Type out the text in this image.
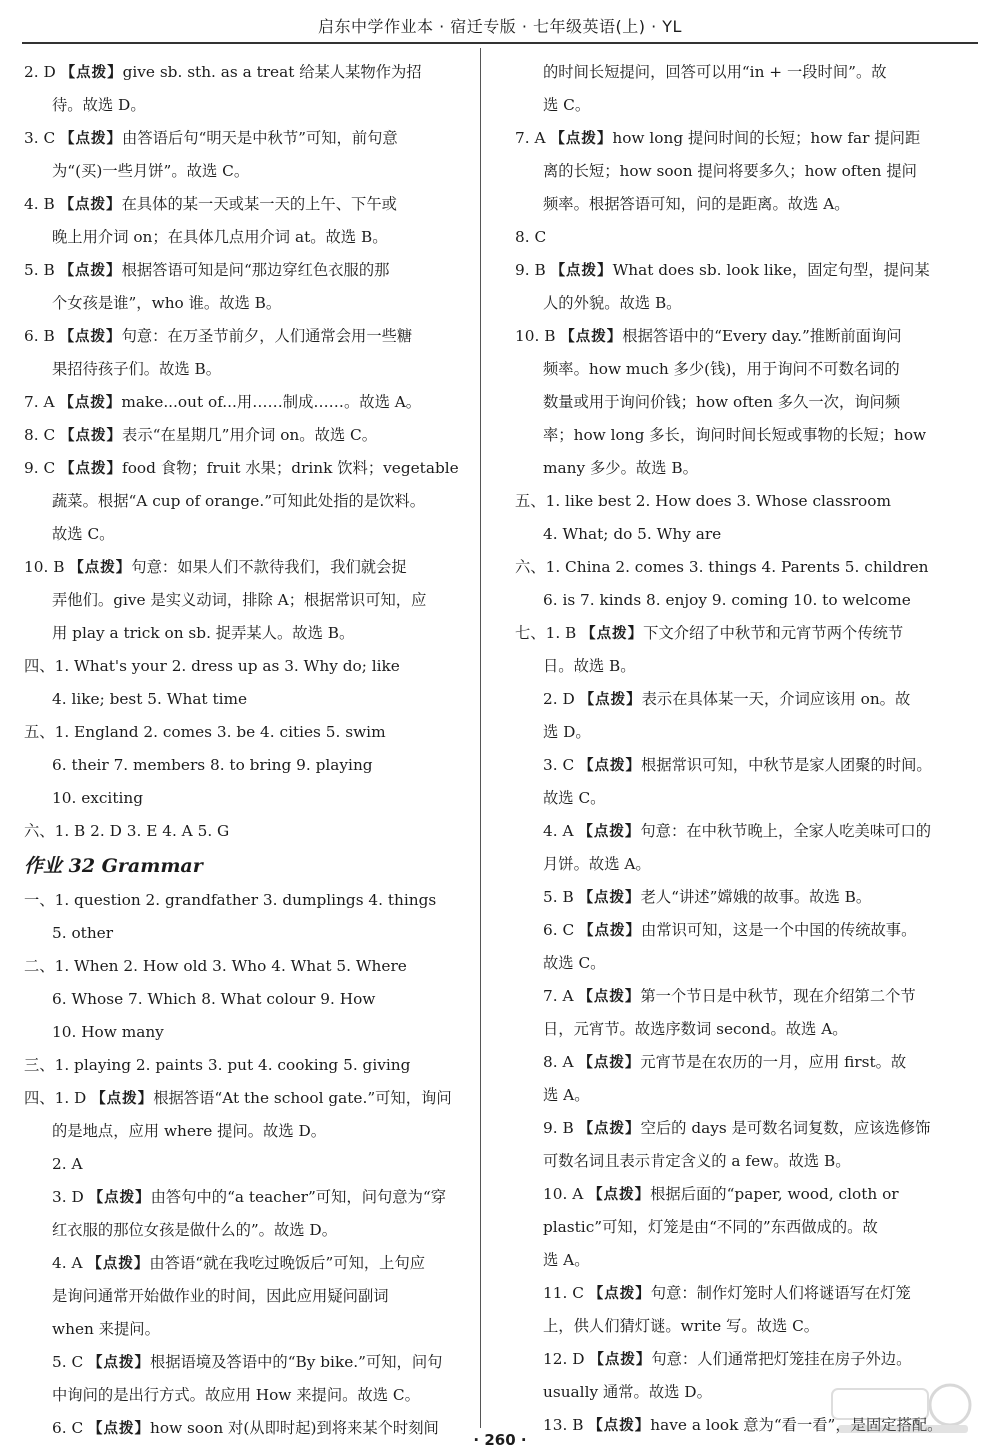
启东中学作业本 · 宿迁专版 · 七年级英语(上) · YL
2. D 【点拨】give sb. sth. as a treat 给某人某物作为招
待。故选 D。
3. C 【点拨】由答语后句“明天是中秋节”可知，前句意
为“(买)一些月饼”。故选 C。
4. B 【点拨】在具体的某一天或某一天的上午、下午或
晚上用介词 on；在具体几点用介词 at。故选 B。
5. B 【点拨】根据答语可知是问“那边穿红色衣服的那
个女孩是谁”，who 谁。故选 B。
6. B 【点拨】句意：在万圣节前夕，人们通常会用一些糖
果招待孩子们。故选 B。
7. A 【点拨】make...out of...用……制成……。故选 A。
8. C 【点拨】表示“在星期几”用介词 on。故选 C。
9. C 【点拨】food 食物；fruit 水果；drink 饮料；vegetable
蔬菜。根据“A cup of orange.”可知此处指的是饮料。
故选 C。
10. B 【点拨】句意：如果人们不款待我们，我们就会捉
弄他们。give 是实义动词，排除 A；根据常识可知，应
用 play a trick on sb. 捉弄某人。故选 B。
四、1. What's your 2. dress up as 3. Why do; like
4. like; best 5. What time
五、1. England 2. comes 3. be 4. cities 5. swim
6. their 7. members 8. to bring 9. playing
10. exciting
六、1. B 2. D 3. E 4. A 5. G
作业 32 Grammar
一、1. question 2. grandfather 3. dumplings 4. things
5. other
二、1. When 2. How old 3. Who 4. What 5. Where
6. Whose 7. Which 8. What colour 9. How
10. How many
三、1. playing 2. paints 3. put 4. cooking 5. giving
四、1. D 【点拨】根据答语“At the school gate.”可知，询问
的是地点，应用 where 提问。故选 D。
2. A
3. D 【点拨】由答句中的“a teacher”可知，问句意为“穿
红衣服的那位女孩是做什么的”。故选 D。
4. A 【点拨】由答语“就在我吃过晚饭后”可知，上句应
是询问通常开始做作业的时间，因此应用疑问副词
when 来提问。
5. C 【点拨】根据语境及答语中的“By bike.”可知，问句
中询问的是出行方式。故应用 How 来提问。故选 C。
6. C 【点拨】how soon 对(从即时起)到将来某个时刻间
的时间长短提问，回答可以用“in + 一段时间”。故
选 C。
7. A 【点拨】how long 提问时间的长短；how far 提问距
离的长短；how soon 提问将要多久；how often 提问
频率。根据答语可知，问的是距离。故选 A。
8. C
9. B 【点拨】What does sb. look like，固定句型，提问某
人的外貌。故选 B。
10. B 【点拨】根据答语中的“Every day.”推断前面询问
频率。how much 多少(钱)，用于询问不可数名词的
数量或用于询问价钱；how often 多久一次，询问频
率；how long 多长，询问时间长短或事物的长短；how
many 多少。故选 B。
五、1. like best 2. How does 3. Whose classroom
4. What; do 5. Why are
六、1. China 2. comes 3. things 4. Parents 5. children
6. is 7. kinds 8. enjoy 9. coming 10. to welcome
七、1. B 【点拨】下文介绍了中秋节和元宵节两个传统节
日。故选 B。
2. D 【点拨】表示在具体某一天，介词应该用 on。故
选 D。
3. C 【点拨】根据常识可知，中秋节是家人团聚的时间。
故选 C。
4. A 【点拨】句意：在中秋节晚上，全家人吃美味可口的
月饼。故选 A。
5. B 【点拨】老人“讲述”嫦娥的故事。故选 B。
6. C 【点拨】由常识可知，这是一个中国的传统故事。
故选 C。
7. A 【点拨】第一个节日是中秋节，现在介绍第二个节
日，元宵节。故选序数词 second。故选 A。
8. A 【点拨】元宵节是在农历的一月，应用 first。故
选 A。
9. B 【点拨】空后的 days 是可数名词复数，应该选修饰
可数名词且表示肯定含义的 a few。故选 B。
10. A 【点拨】根据后面的“paper, wood, cloth or
plastic”可知，灯笼是由“不同的”东西做成的。故
选 A。
11. C 【点拨】句意：制作灯笼时人们将谜语写在灯笼
上，供人们猜灯谜。write 写。故选 C。
12. D 【点拨】句意：人们通常把灯笼挂在房子外边。
usually 通常。故选 D。
13. B 【点拨】have a look 意为“看一看”，是固定搭配。
· 260 ·
